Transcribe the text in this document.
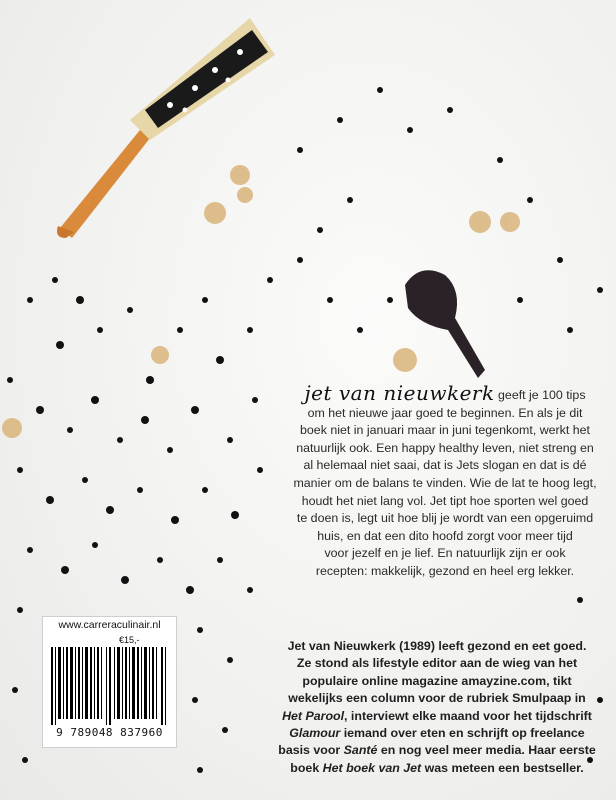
jet van nieuwkerk geeft je 100 tips
om het nieuwe jaar goed te beginnen. En als je dit
boek niet in januari maar in juni tegenkomt, werkt het
natuurlijk ook. Een happy healthy leven, niet streng en
al helemaal niet saai, dat is Jets slogan en dat is dé
manier om de balans te vinden. Wie de lat te hoog legt,
houdt het niet lang vol. Jet tipt hoe sporten wel goed
te doen is, legt uit hoe blij je wordt van een opgeruimd
huis, en dat een dito hoofd zorgt voor meer tijd
voor jezelf en je lief. En natuurlijk zijn er ook
recepten: makkelijk, gezond en heel erg lekker.
Jet van Nieuwkerk (1989) leeft gezond en eet goed.
Ze stond als lifestyle editor aan de wieg van het
populaire online magazine amayzine.com, tikt
wekelijks een column voor de rubriek Smulpaap in
Het Parool, interviewt elke maand voor het tijdschrift
Glamour iemand over eten en schrijft op freelance
basis voor Santé en nog veel meer media. Haar eerste
boek Het boek van Jet was meteen een bestseller.
www.carreraculinair.nl
€15,-
9 789048 837960
